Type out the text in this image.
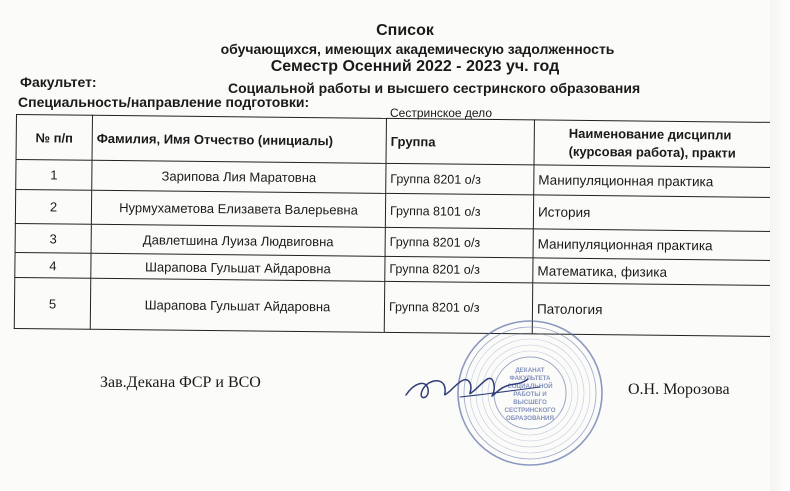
Список
обучающихся, имеющих академическую задолженность
Семестр Осенний 2022 - 2023 уч. год
Факультет:	Социальной работы и высшего сестринского образования
Специальность/направление подготовки:
Сестринское дело
№ п/п	Фамилия, Имя Отчество (инициалы)	Группа	Наименование дисципли
(курсовая работа), практи

1	Зарипова Лия Маратовна	Группа 8201 о/з	Манипуляционная практика
2	Нурмухаметова Елизавета Валерьевна	Группа 8101 о/з	История
3	Давлетшина Луиза Людвиговна	Группа 8201 о/з	Манипуляционная практика
4	Шарапова Гульшат Айдаровна	Группа 8201 о/з	Математика, физика
5	Шарапова Гульшат Айдаровна	Группа 8201 о/з	Патология
Зав.Декана ФСР и ВСО
ДЕКАНАТ
ФАКУЛЬТЕТА
СОЦИАЛЬНОЙ
РАБОТЫ И
ВЫСШЕГО
СЕСТРИНСКОГО
ОБРАЗОВАНИЯ
О.Н. Морозова
